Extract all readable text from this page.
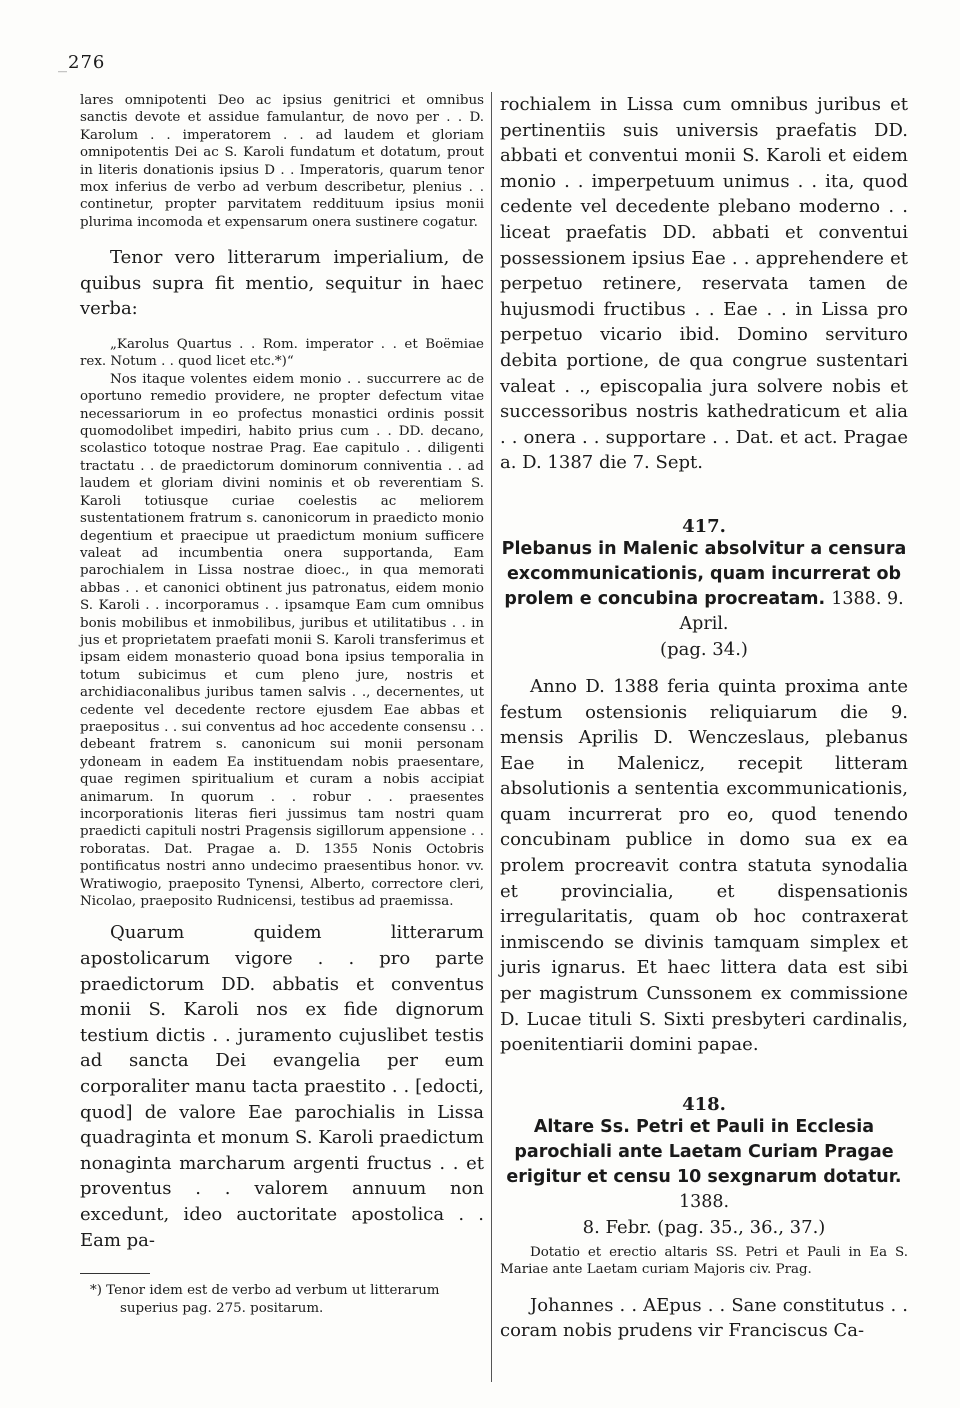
_276

lares omnipotenti Deo ac ipsius genitrici et omnibus sanctis devote et assidue famulantur, de novo per . . D. Karolum . . imperatorem . . ad laudem et gloriam omnipotentis Dei ac S. Karoli fundatum et dotatum, prout in literis donationis ipsius D . . Imperatoris, quarum tenor mox inferius de verbo ad verbum describetur, plenius . . continetur, propter parvitatem reddituum ipsius monii plurima incomoda et expensarum onera sustinere cogatur.

Tenor vero litterarum imperialium, de quibus supra fit mentio, sequitur in haec verba:

„Karolus Quartus . . Rom. imperator . . et Boëmiae rex. Notum . . quod licet etc.*)“

Nos itaque volentes eidem monio . . succurrere ac de oportuno remedio providere, ne propter defectum vitae necessariorum in eo profectus monastici ordinis possit quomodolibet impediri, habito prius cum . . DD. decano, scolastico totoque nostrae Prag. Eae capitulo . . diligenti tractatu . . de praedictorum dominorum conniventia . . ad laudem et gloriam divini nominis et ob reverentiam S. Karoli totiusque curiae coelestis ac meliorem sustentationem fratrum s. canonicorum in praedicto monio degentium et praecipue ut praedictum monium sufficere valeat ad incumbentia onera supportanda, Eam parochialem in Lissa nostrae dioec., in qua memorati abbas . . et canonici obtinent jus patronatus, eidem monio S. Karoli . . incorporamus . . ipsamque Eam cum omnibus bonis mobilibus et inmobilibus, juribus et utilitatibus . . in jus et proprietatem praefati monii S. Karoli transferimus et ipsam eidem monasterio quoad bona ipsius temporalia in totum subicimus et cum pleno jure, nostris et archidiaconalibus juribus tamen salvis . ., decernentes, ut cedente vel decedente rectore ejusdem Eae abbas et praepositus . . sui conventus ad hoc accedente consensu . . debeant fratrem s. canonicum sui monii personam ydoneam in eadem Ea instituendam nobis praesentare, quae regimen spiritualium et curam a nobis accipiat animarum. In quorum . . robur . . praesentes incorporationis literas fieri jussimus tam nostri quam praedicti capituli nostri Pragensis sigillorum appensione . . roboratas. Dat. Pragae a. D. 1355 Nonis Octobris pontificatus nostri anno undecimo praesentibus honor. vv. Wratiwogio, praeposito Tynensi, Alberto, correctore cleri, Nicolao, praeposito Rudnicensi, testibus ad praemissa.

Quarum quidem litterarum apostolicarum vigore . . pro parte praedictorum DD. abbatis et conventus monii S. Karoli nos ex fide dignorum testium dictis . . juramento cujuslibet testis ad sancta Dei evangelia per eum corporaliter manu tacta praestito . . [edocti, quod] de valore Eae parochialis in Lissa quadraginta et monum S. Karoli praedictum nonaginta marcharum argenti fructus . . et proventus . . valorem annuum non excedunt, ideo auctoritate apostolica . . Eam pa-

*) Tenor idem est de verbo ad verbum ut litterarum superius pag. 275. positarum.

rochialem in Lissa cum omnibus juribus et pertinentiis suis universis praefatis DD. abbati et conventui monii S. Karoli et eidem monio . . imperpetuum unimus . . ita, quod cedente vel decedente plebano moderno . . liceat praefatis DD. abbati et conventui possessionem ipsius Eae . . apprehendere et perpetuo retinere, reservata tamen de hujusmodi fructibus . . Eae . . in Lissa pro perpetuo vicario ibid. Domino servituro debita portione, de qua congrue sustentari valeat . ., episcopalia jura solvere nobis et successoribus nostris kathedraticum et alia . . onera . . supportare . . Dat. et act. Pragae a. D. 1387 die 7. Sept.

417.

Plebanus in Malenic absolvitur a censura excommunicationis, quam incurrerat ob prolem e concubina procreatam. 1388. 9. April.

(pag. 34.)

Anno D. 1388 feria quinta proxima ante festum ostensionis reliquiarum die 9. mensis Aprilis D. Wenczeslaus, plebanus Eae in Malenicz, recepit litteram absolutionis a sententia excommunicationis, quam incurrerat pro eo, quod tenendo concubinam publice in domo sua ex ea prolem procreavit contra statuta synodalia et provincialia, et dispensationis irregularitatis, quam ob hoc contraxerat inmiscendo se divinis tamquam simplex et juris ignarus. Et haec littera data est sibi per magistrum Cunssonem ex commissione D. Lucae tituli S. Sixti presbyteri cardinalis, poenitentiarii domini papae.

418.

Altare Ss. Petri et Pauli in Ecclesia parochiali ante Laetam Curiam Pragae erigitur et censu 10 sexgnarum dotatur. 1388.

8. Febr. (pag. 35., 36., 37.)

Dotatio et erectio altaris SS. Petri et Pauli in Ea S. Mariae ante Laetam curiam Majoris civ. Prag.

Johannes . . AEpus . . Sane constitutus . . coram nobis prudens vir Franciscus Ca-
